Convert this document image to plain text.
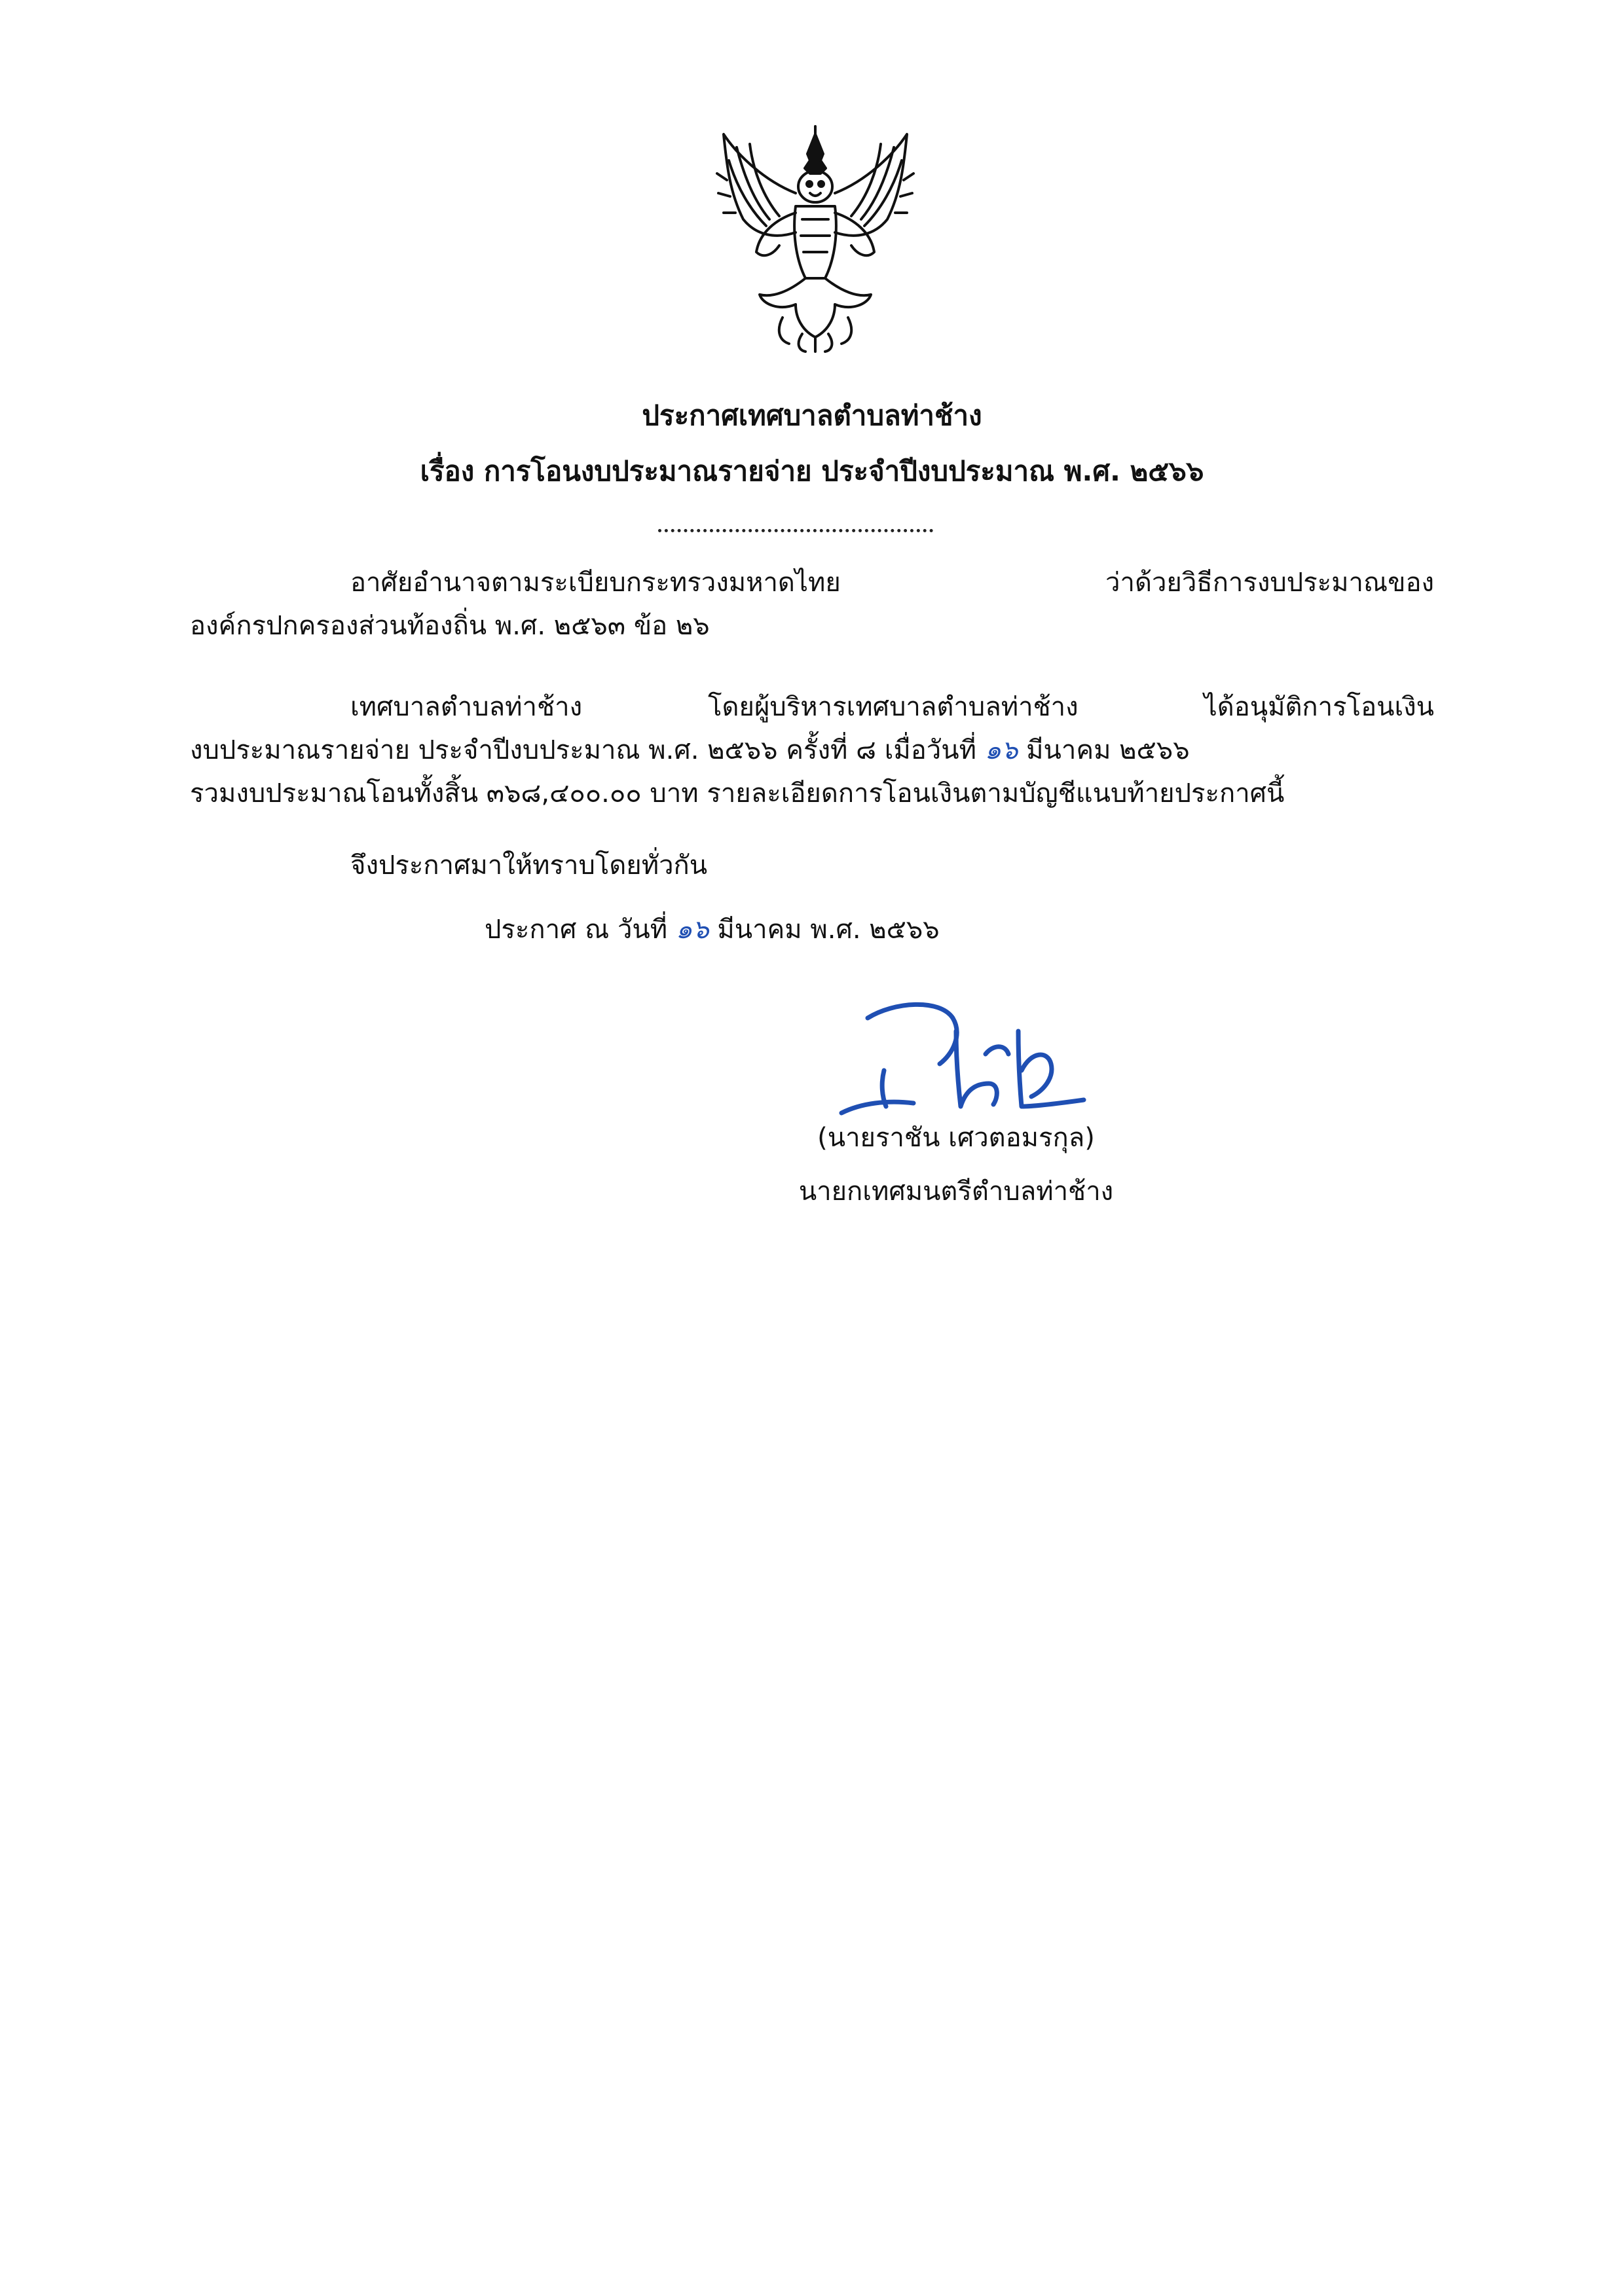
ประกาศเทศบาลตำบลท่าช้าง
เรื่อง การโอนงบประมาณรายจ่าย ประจำปีงบประมาณ พ.ศ. ๒๕๖๖
อาศัยอำนาจตามระเบียบกระทรวงมหาดไทย ว่าด้วยวิธีการงบประมาณของ
องค์กรปกครองส่วนท้องถิ่น พ.ศ. ๒๕๖๓ ข้อ ๒๖
เทศบาลตำบลท่าช้าง โดยผู้บริหารเทศบาลตำบลท่าช้าง ได้อนุมัติการโอนเงิน
งบประมาณรายจ่าย ประจำปีงบประมาณ พ.ศ. ๒๕๖๖ ครั้งที่ ๘ เมื่อวันที่ ๑๖ มีนาคม ๒๕๖๖
รวมงบประมาณโอนทั้งสิ้น ๓๖๘,๔๐๐.๐๐ บาท รายละเอียดการโอนเงินตามบัญชีแนบท้ายประกาศนี้
จึงประกาศมาให้ทราบโดยทั่วกัน
ประกาศ ณ วันที่ ๑๖ มีนาคม พ.ศ. ๒๕๖๖
(นายราชัน เศวตอมรกุล)
นายกเทศมนตรีตำบลท่าช้าง
